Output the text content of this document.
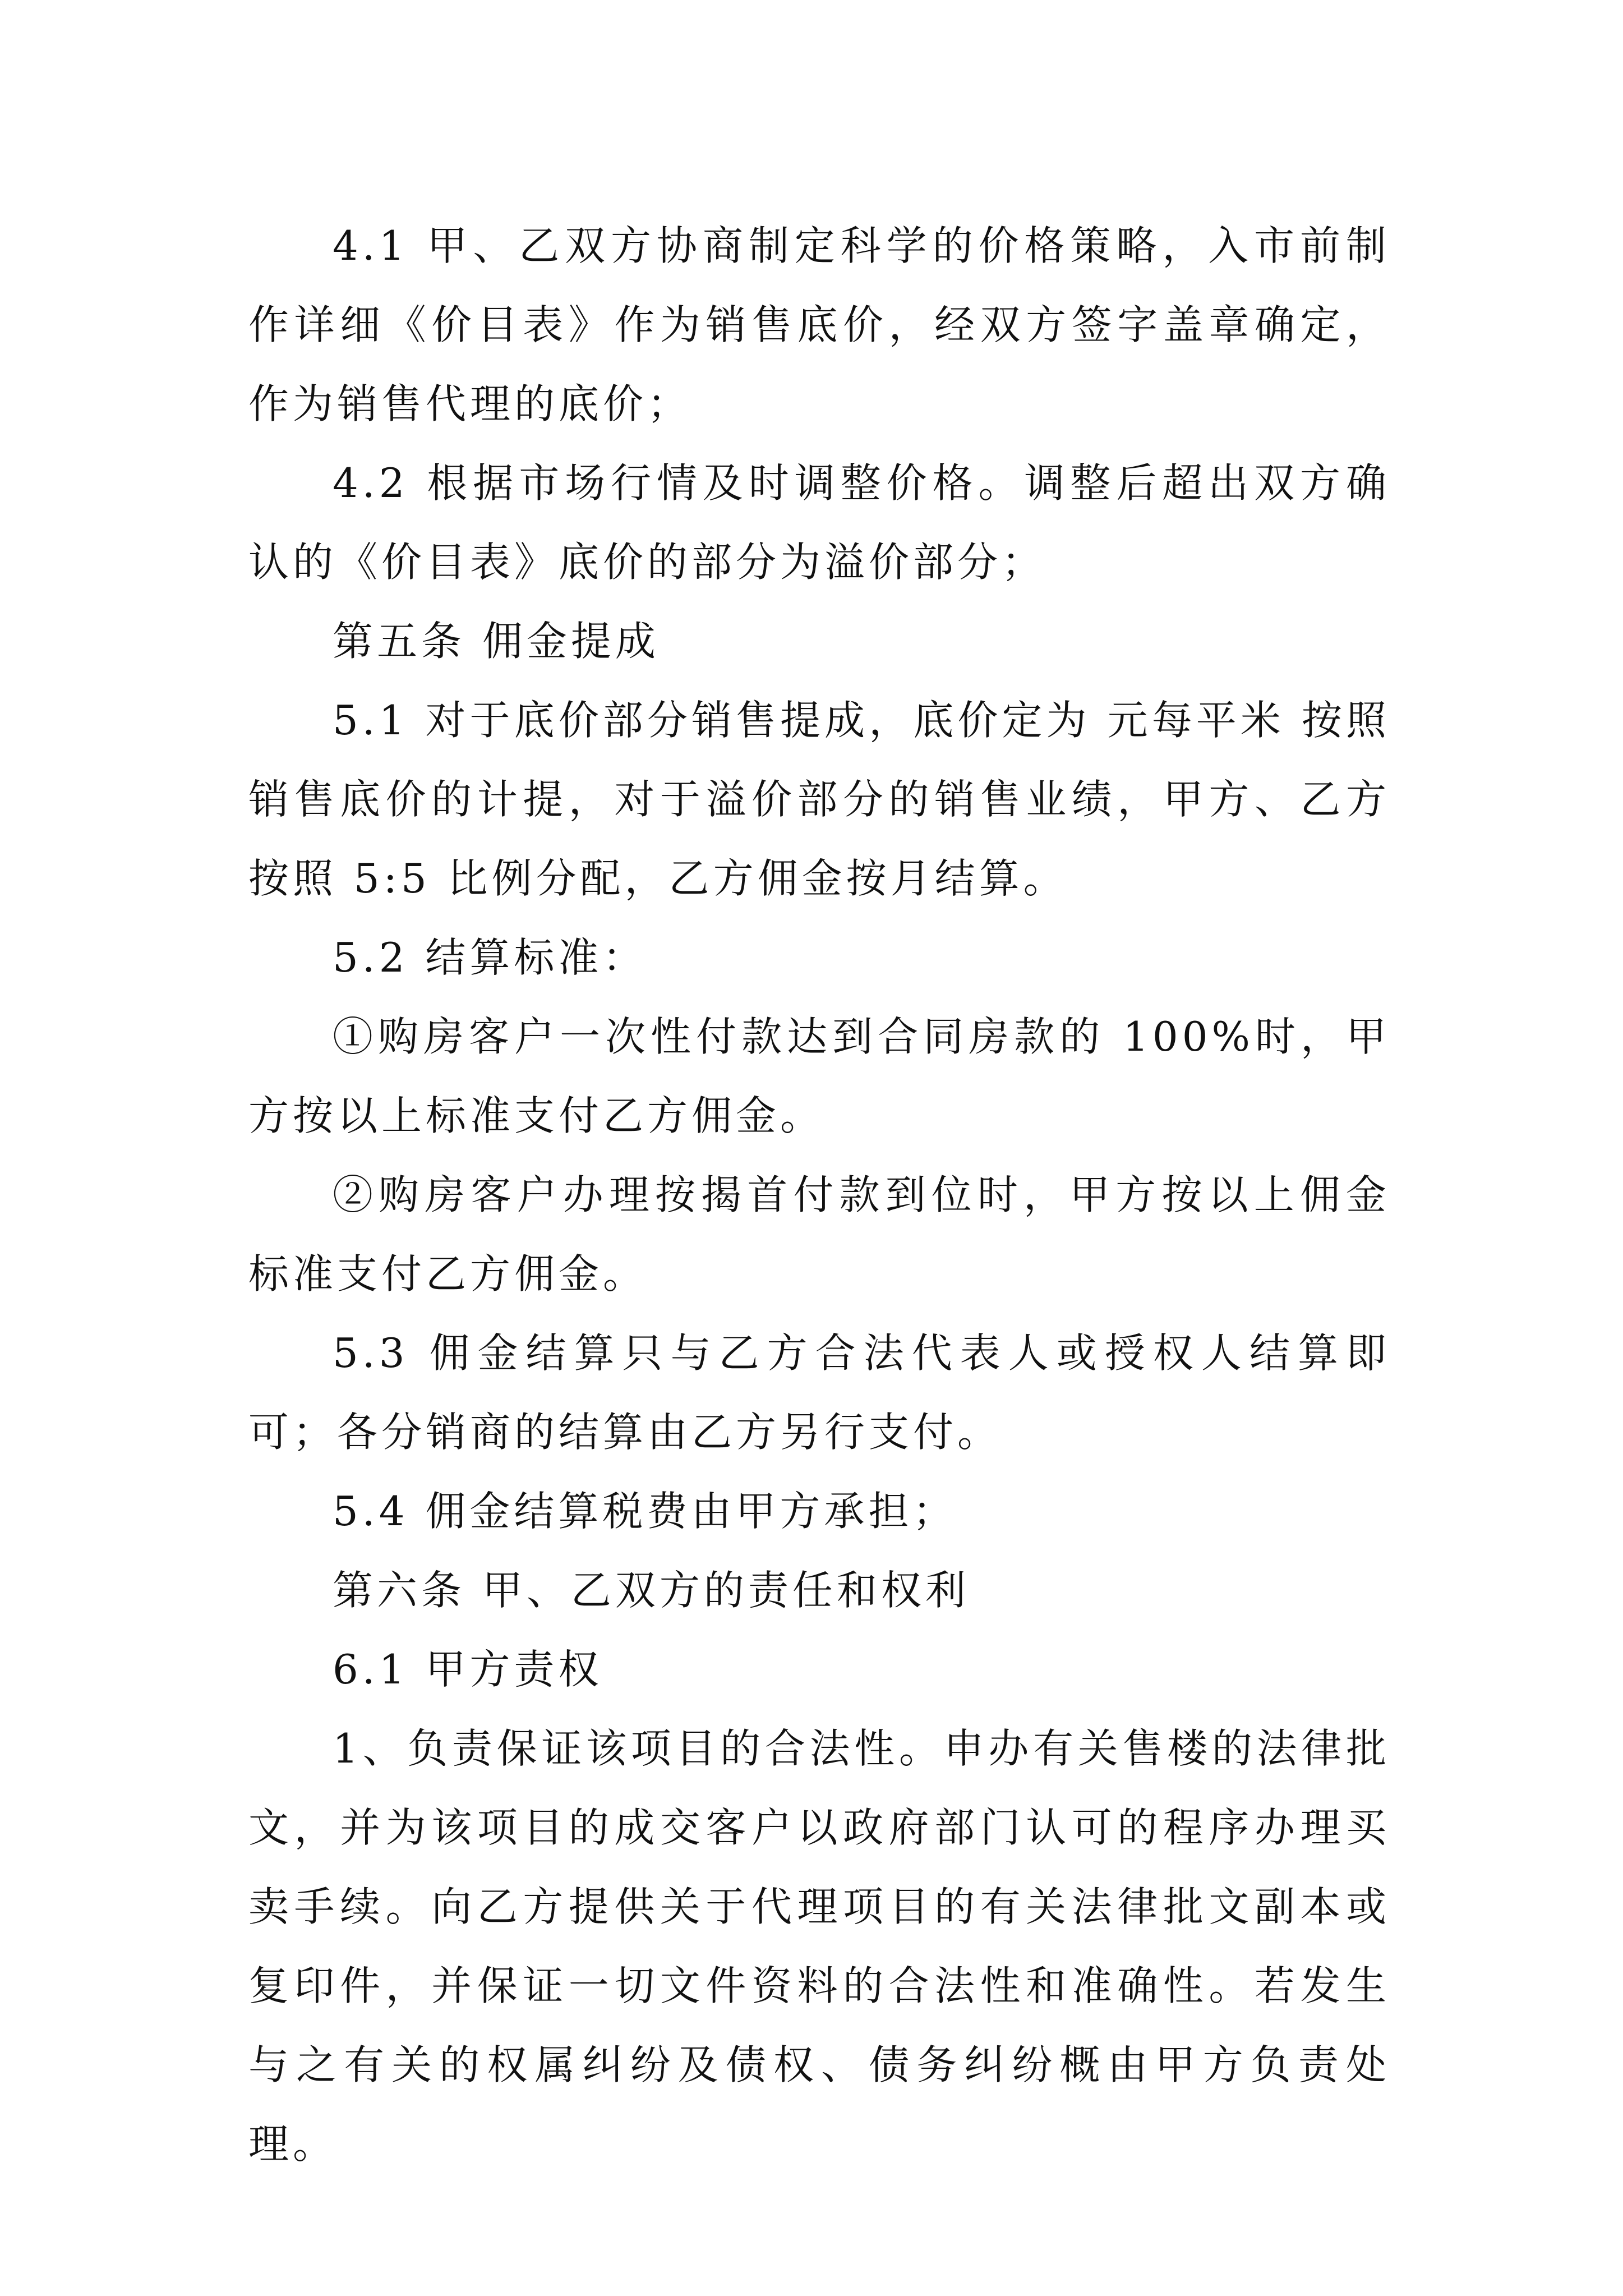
4.1 甲、乙双方协商制定科学的价格策略，入市前制作详细《价目表》作为销售底价，经双方签字盖章确定，作为销售代理的底价；

4.2 根据市场行情及时调整价格。调整后超出双方确认的《价目表》底价的部分为溢价部分；

第五条 佣金提成

5.1 对于底价部分销售提成，底价定为 元每平米 按照销售底价的计提，对于溢价部分的销售业绩，甲方、乙方按照 5:5 比例分配，乙方佣金按月结算。

5.2 结算标准：

①购房客户一次性付款达到合同房款的 100%时，甲方按以上标准支付乙方佣金。

②购房客户办理按揭首付款到位时，甲方按以上佣金标准支付乙方佣金。

5.3 佣金结算只与乙方合法代表人或授权人结算即可；各分销商的结算由乙方另行支付。

5.4 佣金结算税费由甲方承担；

第六条 甲、乙双方的责任和权利

6.1 甲方责权

1、负责保证该项目的合法性。申办有关售楼的法律批文，并为该项目的成交客户以政府部门认可的程序办理买卖手续。向乙方提供关于代理项目的有关法律批文副本或复印件，并保证一切文件资料的合法性和准确性。若发生与之有关的权属纠纷及债权、债务纠纷概由甲方负责处理。
